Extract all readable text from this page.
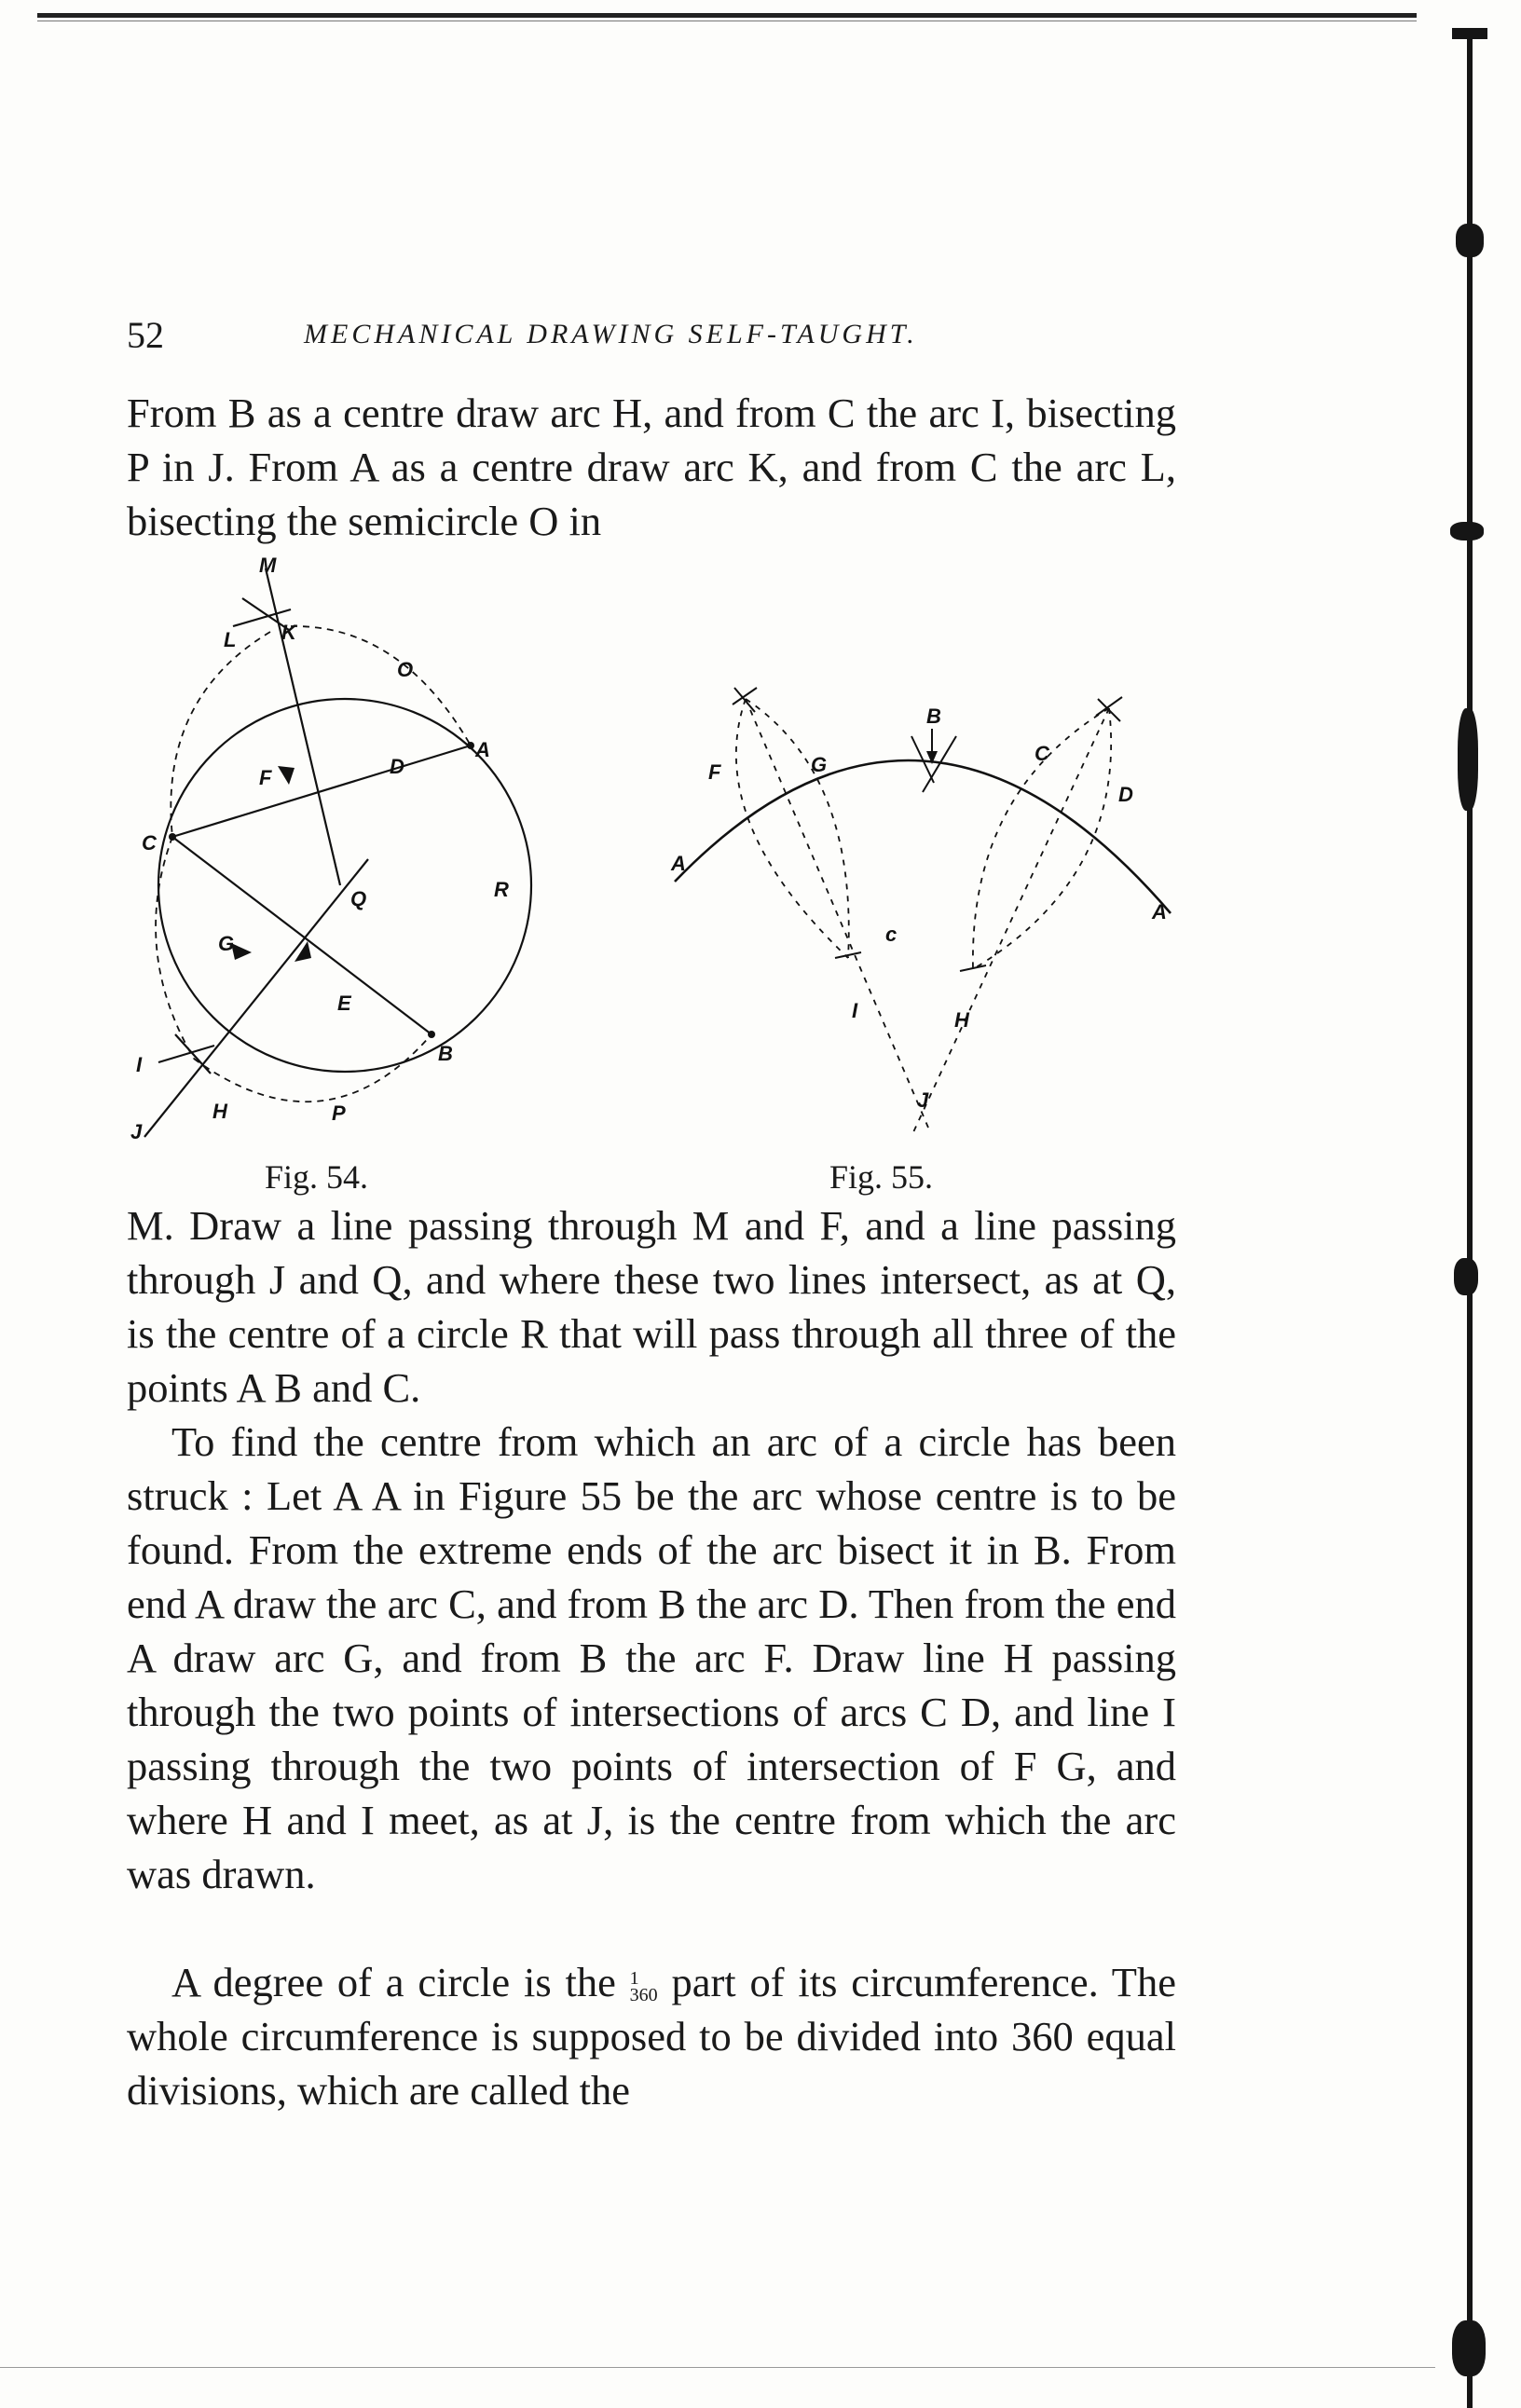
52	MECHANICAL DRAWING SELF-TAUGHT.

From B as a centre draw arc H, and from C the arc I, bisecting P in J. From A as a centre draw arc K, and from C the arc L, bisecting the semicircle O in

M
L K
O
A
D
F
C
Q	R
G
E
B
I
J
H	P
Fig. 54.
B
F	G	C
D
A
A
c
I	H
J
Fig. 55.

M. Draw a line passing through M and F, and a line passing through J and Q, and where these two lines intersect, as at Q, is the centre of a circle R that will pass through all three of the points A B and C.

To find the centre from which an arc of a circle has been struck : Let A A in Figure 55 be the arc whose centre is to be found. From the extreme ends of the arc bisect it in B. From end A draw the arc C, and from B the arc D. Then from the end A draw arc G, and from B the arc F. Draw line H passing through the two points of intersections of arcs C D, and line I passing through the two points of intersection of F G, and where H and I meet, as at J, is the centre from which the arc was drawn.

A degree of a circle is the 1
360 part of its circumference. The whole circumference is supposed to be divided into 360 equal divisions, which are called the
